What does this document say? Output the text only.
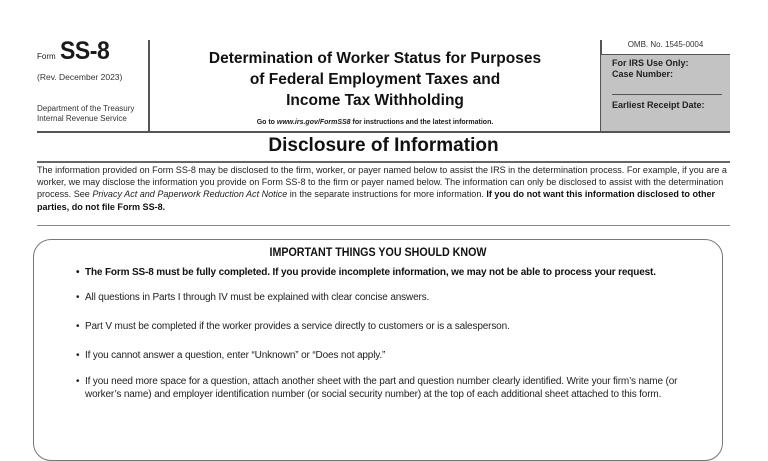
Form SS-8
(Rev. December 2023)
Department of the Treasury
Internal Revenue Service
Determination of Worker Status for Purposes
of Federal Employment Taxes and
Income Tax Withholding
Go to www.irs.gov/FormSS8 for instructions and the latest information.
OMB. No. 1545-0004
For IRS Use Only:
Case Number:
Earliest Receipt Date:
Disclosure of Information
The information provided on Form SS-8 may be disclosed to the firm, worker, or payer named below to assist the IRS in the determination process. For example, if you are a worker, we may disclose the information you provide on Form SS-8 to the firm or payer named below. The information can only be disclosed to assist with the determination process. See Privacy Act and Paperwork Reduction Act Notice in the separate instructions for more information. If you do not want this information disclosed to other parties, do not file Form SS-8.
IMPORTANT THINGS YOU SHOULD KNOW
• The Form SS-8 must be fully completed. If you provide incomplete information, we may not be able to process your request.
• All questions in Parts I through IV must be explained with clear concise answers.
• Part V must be completed if the worker provides a service directly to customers or is a salesperson.
• If you cannot answer a question, enter “Unknown” or “Does not apply.”
• If you need more space for a question, attach another sheet with the part and question number clearly identified. Write your firm’s name (or worker’s name) and employer identification number (or social security number) at the top of each additional sheet attached to this form.
